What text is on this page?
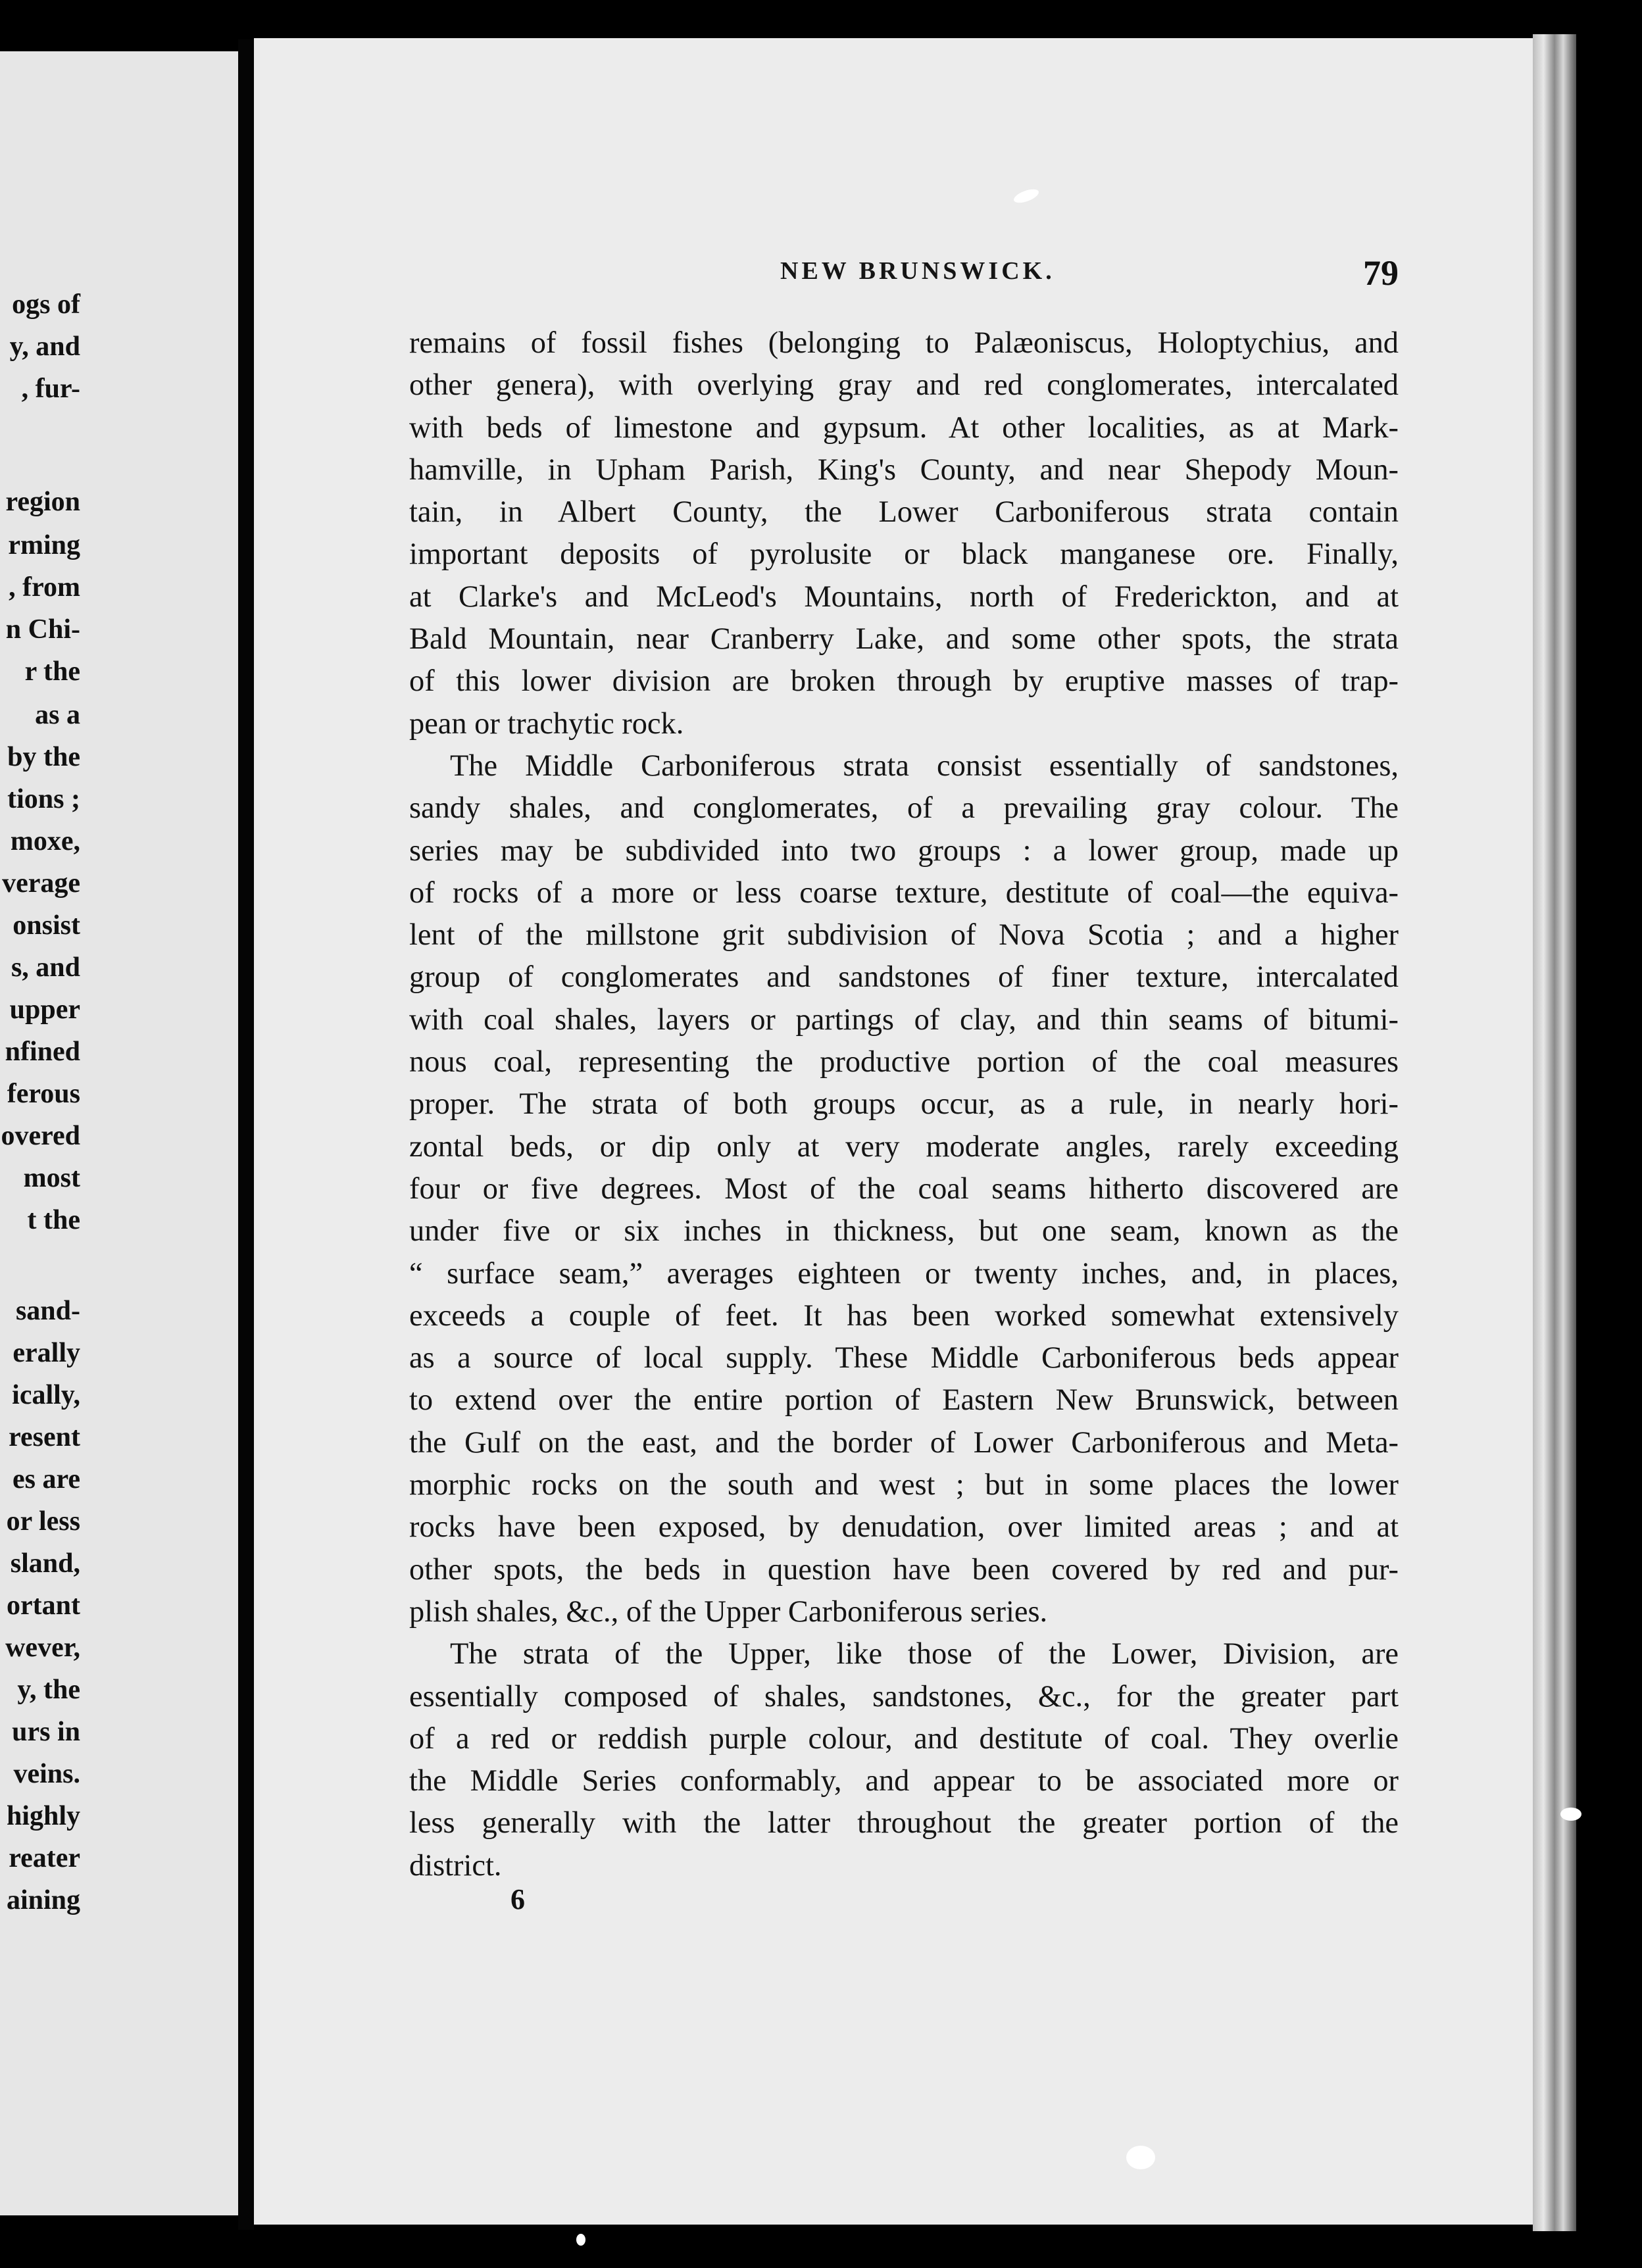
ogs of
y, and
, fur-
region
rming
, from
n Chi-
r the
as a
by the
tions ;
moxe,
verage
onsist
s, and
upper
nfined
ferous
overed
most
t the
sand-
erally
ically,
resent
es are
or less
sland,
ortant
wever,
y, the
urs in
veins.
highly
reater
aining
NEW BRUNSWICK.	79
remains of fossil fishes (belonging to Palæoniscus, Holoptychius, and
other genera), with overlying gray and red conglomerates, intercalated
with beds of limestone and gypsum. At other localities, as at Mark-
hamville, in Upham Parish, King's County, and near Shepody Moun-
tain, in Albert County, the Lower Carboniferous strata contain
important deposits of pyrolusite or black manganese ore. Finally,
at Clarke's and McLeod's Mountains, north of Frederickton, and at
Bald Mountain, near Cranberry Lake, and some other spots, the strata
of this lower division are broken through by eruptive masses of trap-
pean or trachytic rock.
The Middle Carboniferous strata consist essentially of sandstones,
sandy shales, and conglomerates, of a prevailing gray colour. The
series may be subdivided into two groups : a lower group, made up
of rocks of a more or less coarse texture, destitute of coal—the equiva-
lent of the millstone grit subdivision of Nova Scotia ; and a higher
group of conglomerates and sandstones of finer texture, intercalated
with coal shales, layers or partings of clay, and thin seams of bitumi-
nous coal, representing the productive portion of the coal measures
proper. The strata of both groups occur, as a rule, in nearly hori-
zontal beds, or dip only at very moderate angles, rarely exceeding
four or five degrees. Most of the coal seams hitherto discovered are
under five or six inches in thickness, but one seam, known as the
“ surface seam,” averages eighteen or twenty inches, and, in places,
exceeds a couple of feet. It has been worked somewhat extensively
as a source of local supply. These Middle Carboniferous beds appear
to extend over the entire portion of Eastern New Brunswick, between
the Gulf on the east, and the border of Lower Carboniferous and Meta-
morphic rocks on the south and west ; but in some places the lower
rocks have been exposed, by denudation, over limited areas ; and at
other spots, the beds in question have been covered by red and pur-
plish shales, &c., of the Upper Carboniferous series.
The strata of the Upper, like those of the Lower, Division, are
essentially composed of shales, sandstones, &c., for the greater part
of a red or reddish purple colour, and destitute of coal. They overlie
the Middle Series conformably, and appear to be associated more or
less generally with the latter throughout the greater portion of the
district.
6
